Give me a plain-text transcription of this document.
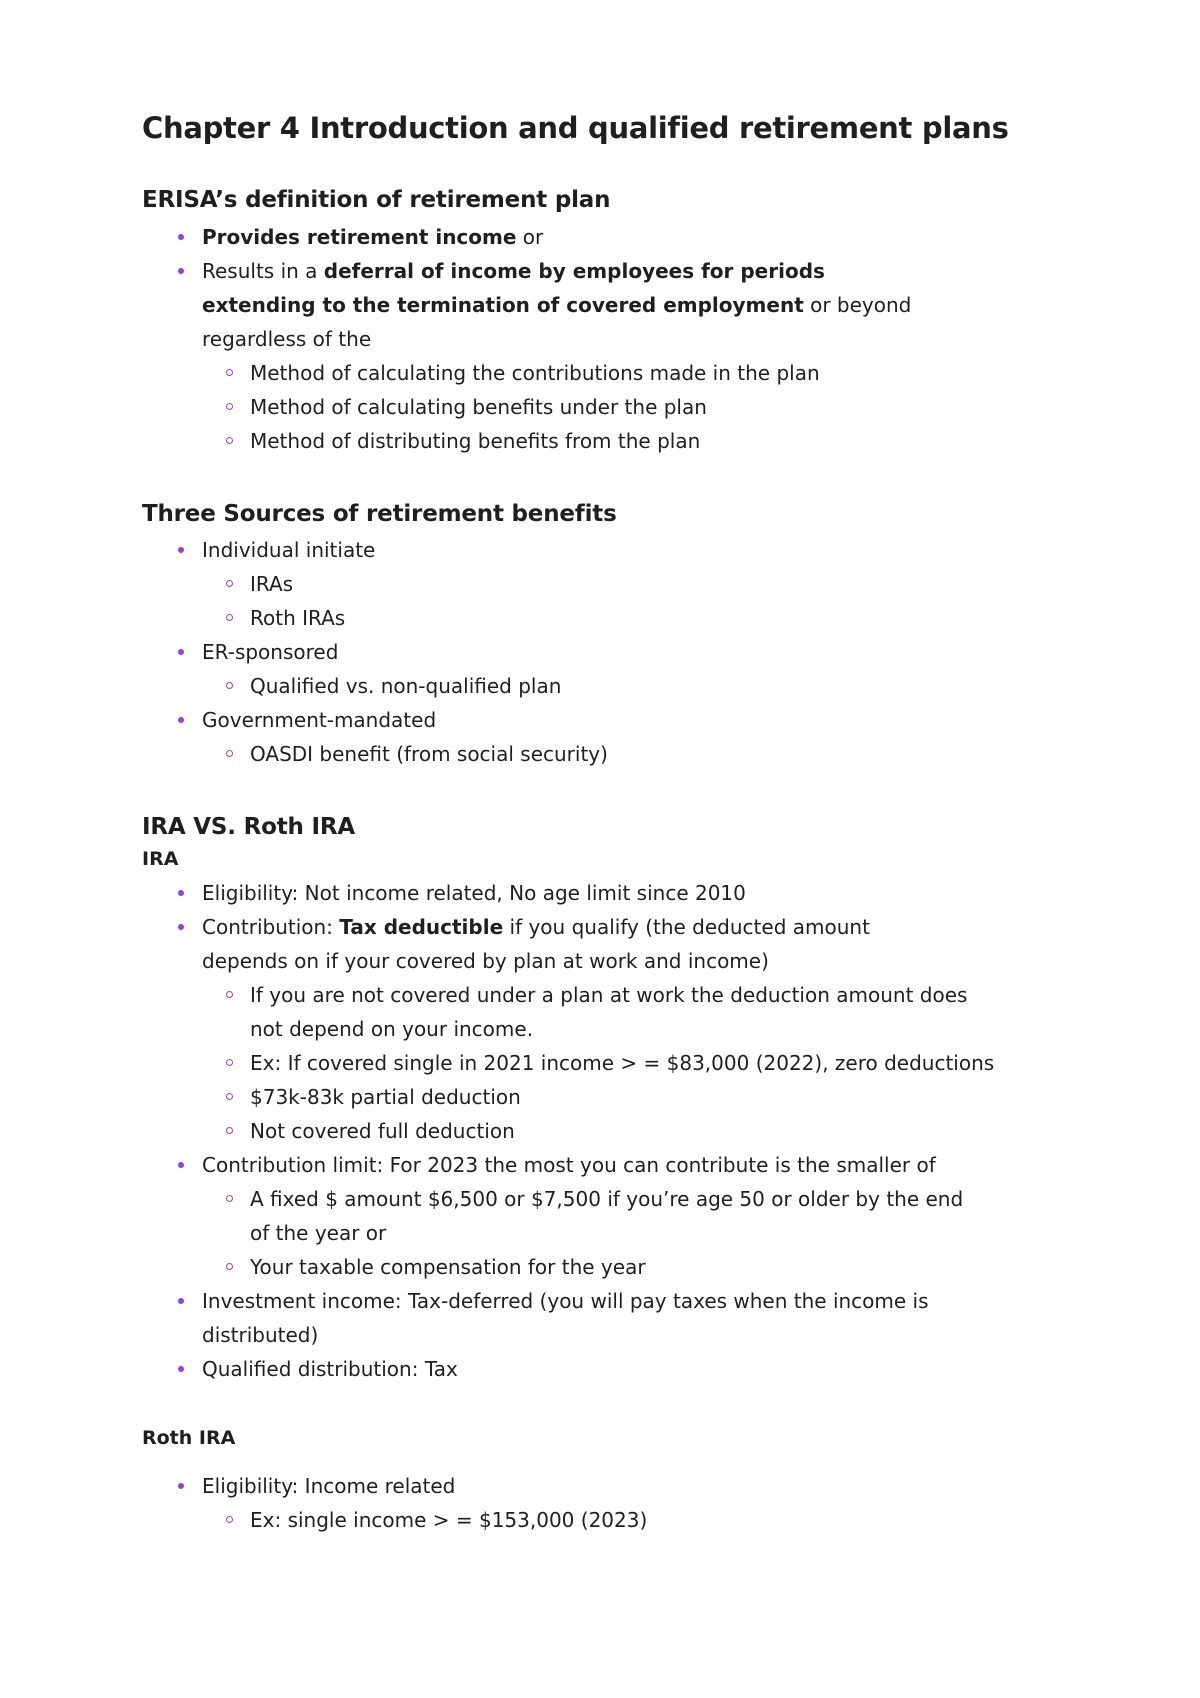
Chapter 4 Introduction and qualified retirement plans
ERISA’s definition of retirement plan
Provides retirement income or
Results in a deferral of income by employees for periods extending to the termination of covered employment or beyond regardless of the
Method of calculating the contributions made in the plan
Method of calculating benefits under the plan
Method of distributing benefits from the plan
Three Sources of retirement benefits
Individual initiate
IRAs
Roth IRAs
ER-sponsored
Qualified vs. non-qualified plan
Government-mandated
OASDI benefit (from social security)
IRA VS. Roth IRA
IRA
Eligibility: Not income related, No age limit since 2010
Contribution: Tax deductible if you qualify (the deducted amount depends on if your covered by plan at work and income)
If you are not covered under a plan at work the deduction amount does not depend on your income.
Ex: If covered single in 2021 income > = $83,000 (2022), zero deductions
$73k-83k partial deduction
Not covered full deduction
Contribution limit: For 2023 the most you can contribute is the smaller of
A fixed $ amount $6,500 or $7,500 if you’re age 50 or older by the end of the year or
Your taxable compensation for the year
Investment income: Tax-deferred (you will pay taxes when the income is distributed)
Qualified distribution: Tax
Roth IRA
Eligibility: Income related
Ex: single income > = $153,000 (2023)
